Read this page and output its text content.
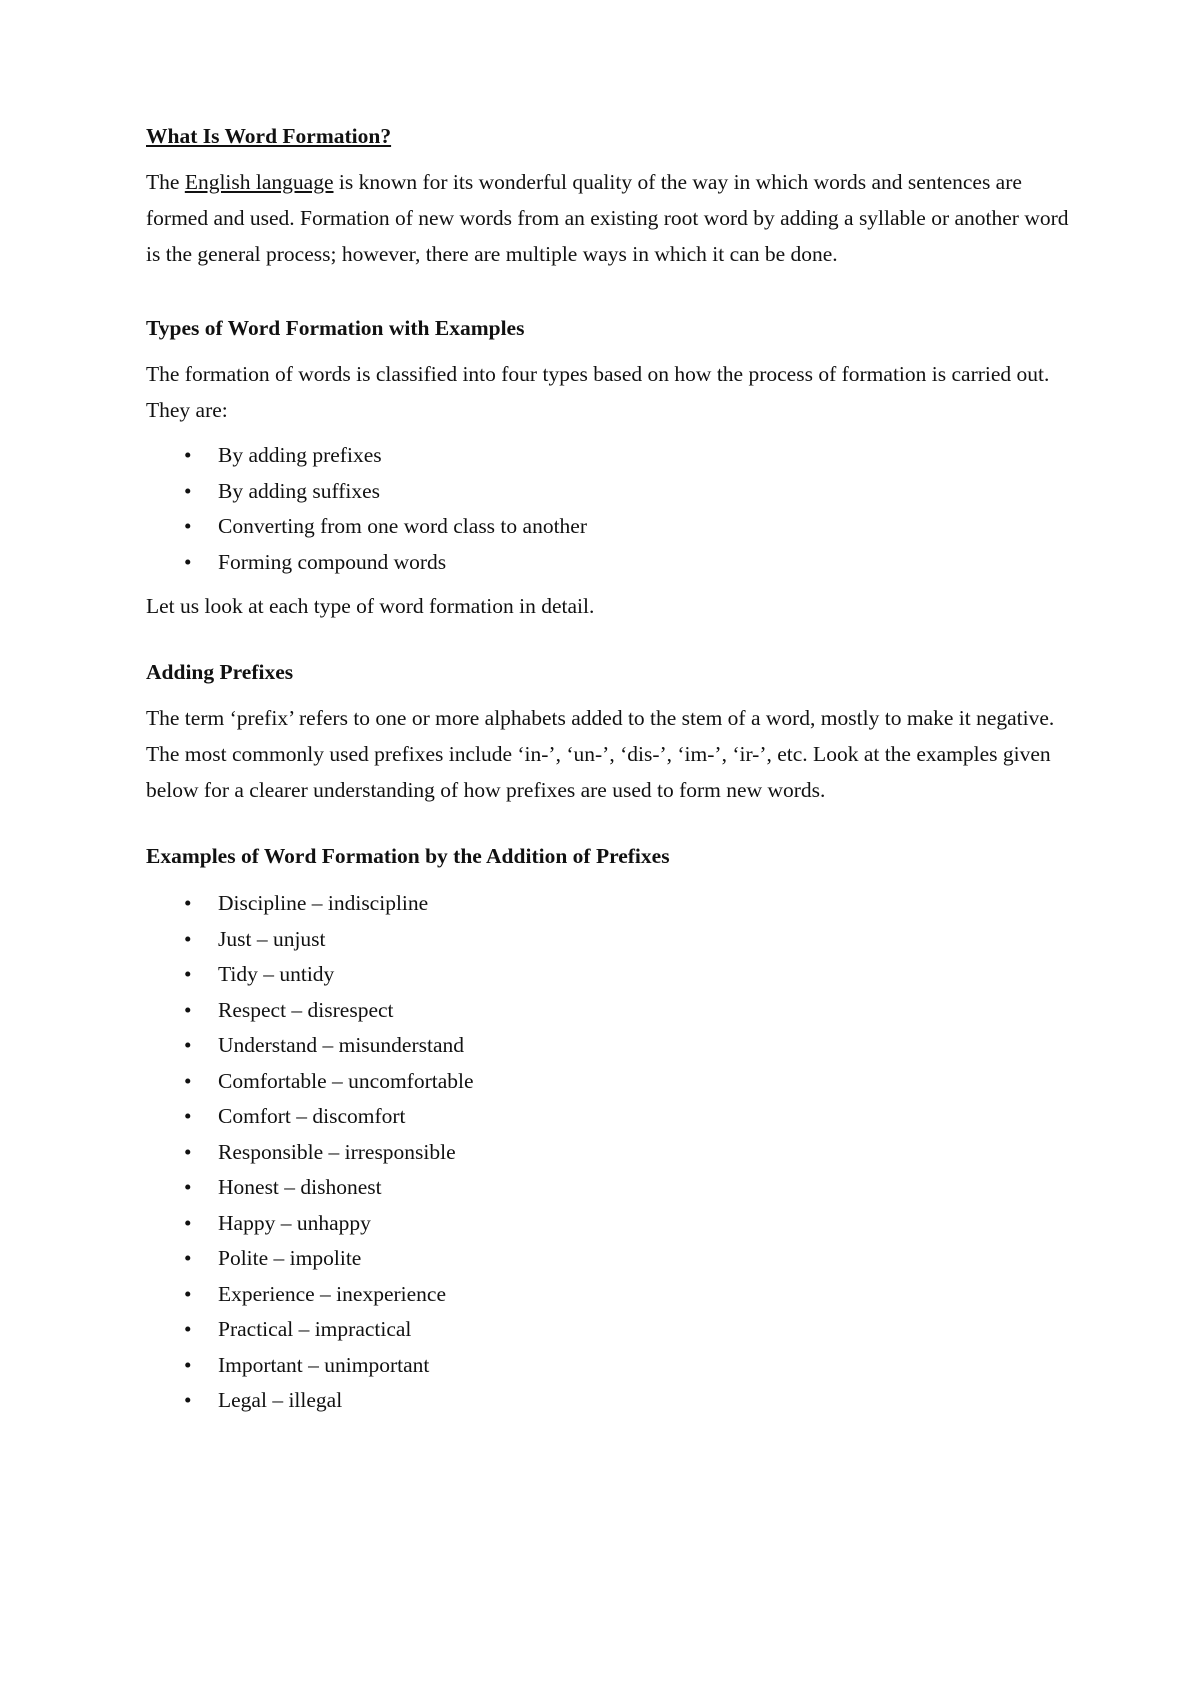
What Is Word Formation?

The English language is known for its wonderful quality of the way in which words and sentences are formed and used. Formation of new words from an existing root word by adding a syllable or another word is the general process; however, there are multiple ways in which it can be done.

Types of Word Formation with Examples

The formation of words is classified into four types based on how the process of formation is carried out. They are:

• By adding prefixes
• By adding suffixes
• Converting from one word class to another
• Forming compound words

Let us look at each type of word formation in detail.

Adding Prefixes

The term ‘prefix’ refers to one or more alphabets added to the stem of a word, mostly to make it negative. The most commonly used prefixes include ‘in-’, ‘un-’, ‘dis-’, ‘im-’, ‘ir-’, etc. Look at the examples given below for a clearer understanding of how prefixes are used to form new words.

Examples of Word Formation by the Addition of Prefixes

• Discipline – indiscipline
• Just – unjust
• Tidy – untidy
• Respect – disrespect
• Understand – misunderstand
• Comfortable – uncomfortable
• Comfort – discomfort
• Responsible – irresponsible
• Honest – dishonest
• Happy – unhappy
• Polite – impolite
• Experience – inexperience
• Practical – impractical
• Important – unimportant
• Legal – illegal
